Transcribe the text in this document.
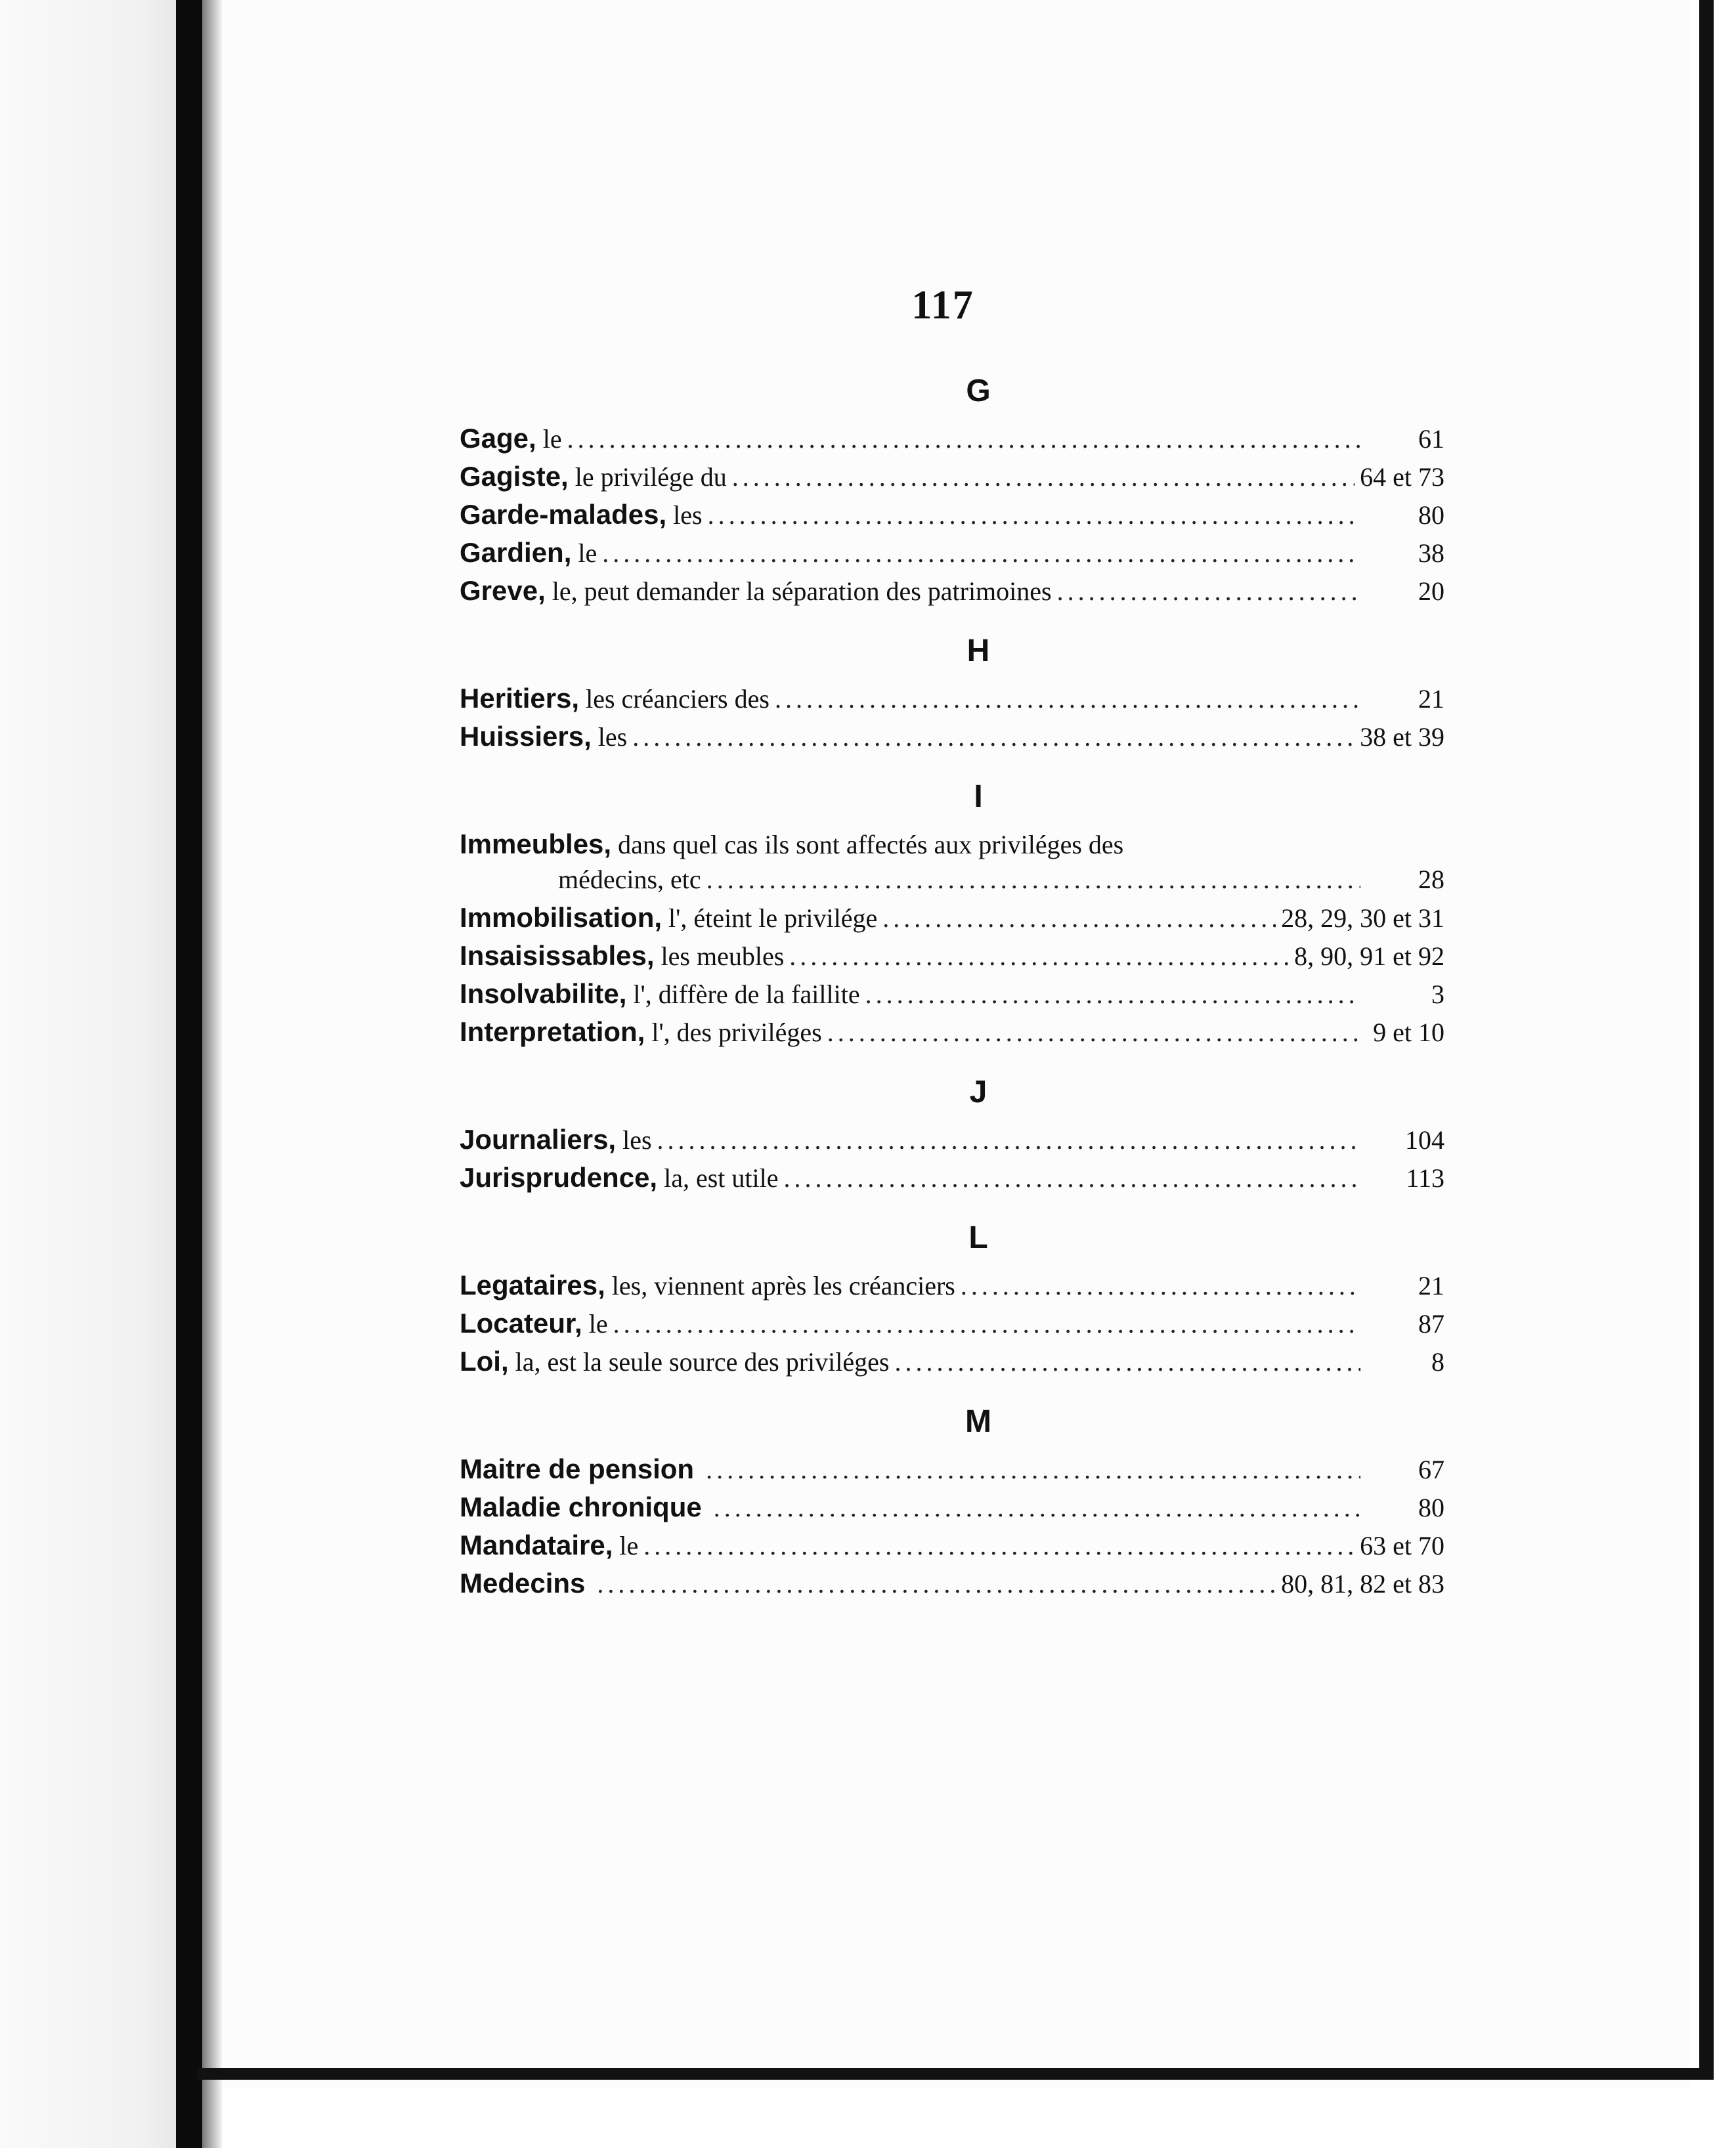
117
G
Gage, le .....	61
Gagiste, le privilége du .....	64 et 73
Garde-malades, les .....	80
Gardien, le .....	38
Greve, le, peut demander la séparation des patrimoines .....	20
H
Heritiers, les créanciers des .....	21
Huissiers, les .....	38 et 39
I
Immeubles, dans quel cas ils sont affectés aux priviléges des
médecins, etc .....	28
Immobilisation, l', éteint le privilége .....	28, 29, 30 et 31
Insaisissables, les meubles .....	8, 90, 91 et 92
Insolvabilite, l', diffère de la faillite .....	3
Interpretation, l', des priviléges .....	9 et 10
J
Journaliers, les .....	104
Jurisprudence, la, est utile .....	113
L
Legataires, les, viennent après les créanciers .....	21
Locateur, le .....	87
Loi, la, est la seule source des priviléges .....	8
M
Maitre de pension .....	67
Maladie chronique .....	80
Mandataire, le .....	63 et 70
Medecins .....	80, 81, 82 et 83
